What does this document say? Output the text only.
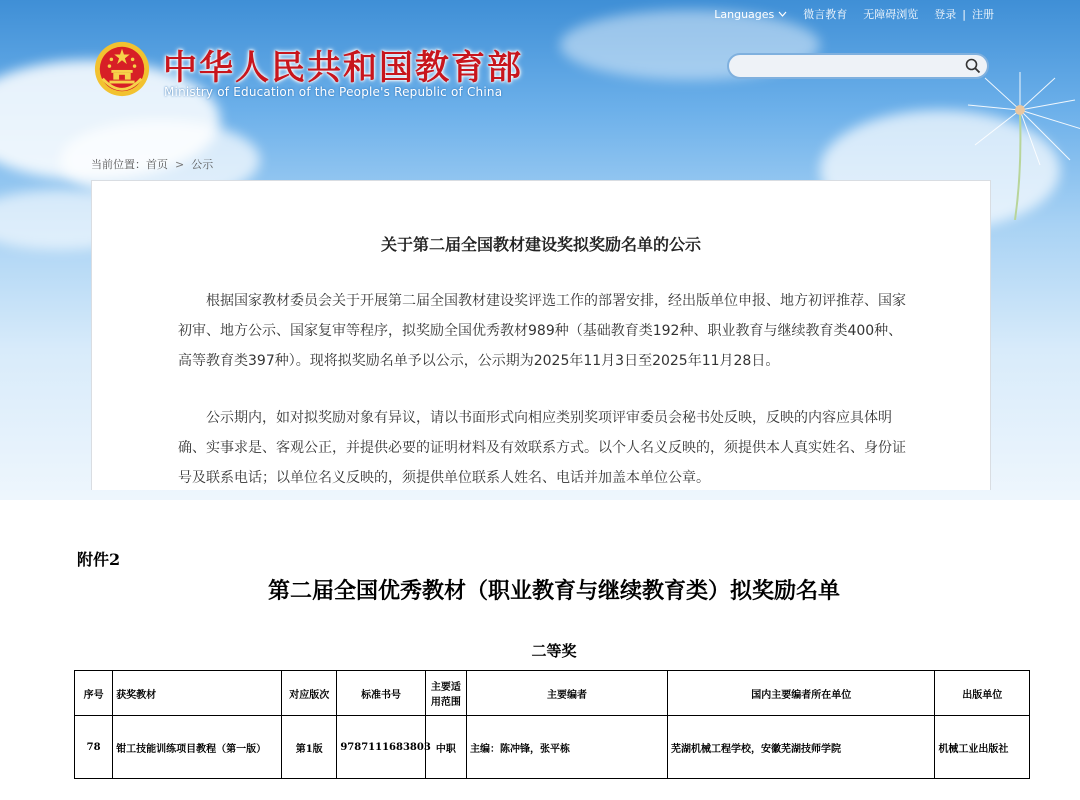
Languages	微言教育 无障碍浏览 登录 | 注册
中华人民共和国教育部
Ministry of Education of the People's Republic of China
当前位置：首页 > 公示
关于第二届全国教材建设奖拟奖励名单的公示

根据国家教材委员会关于开展第二届全国教材建设奖评选工作的部署安排，经出版单位申报、地方初评推荐、国家初审、地方公示、国家复审等程序，拟奖励全国优秀教材989种（基础教育类192种、职业教育与继续教育类400种、高等教育类397种）。现将拟奖励名单予以公示，公示期为2025年11月3日至2025年11月28日。

公示期内，如对拟奖励对象有异议，请以书面形式向相应类别奖项评审委员会秘书处反映，反映的内容应具体明确、实事求是、客观公正，并提供必要的证明材料及有效联系方式。以个人名义反映的，须提供本人真实姓名、身份证号及联系电话；以单位名义反映的，须提供单位联系人姓名、电话并加盖本单位公章。

附件2
第二届全国优秀教材（职业教育与继续教育类）拟奖励名单
二等奖
序号	获奖教材	对应版次	标准书号	主要适用范围	主要编者	国内主要编者所在单位	出版单位
78	钳工技能训练项目教程（第一版）	第1版	9787111683803	中职	主编：陈冲锋，张平栋	芜湖机械工程学校，安徽芜湖技师学院	机械工业出版社
